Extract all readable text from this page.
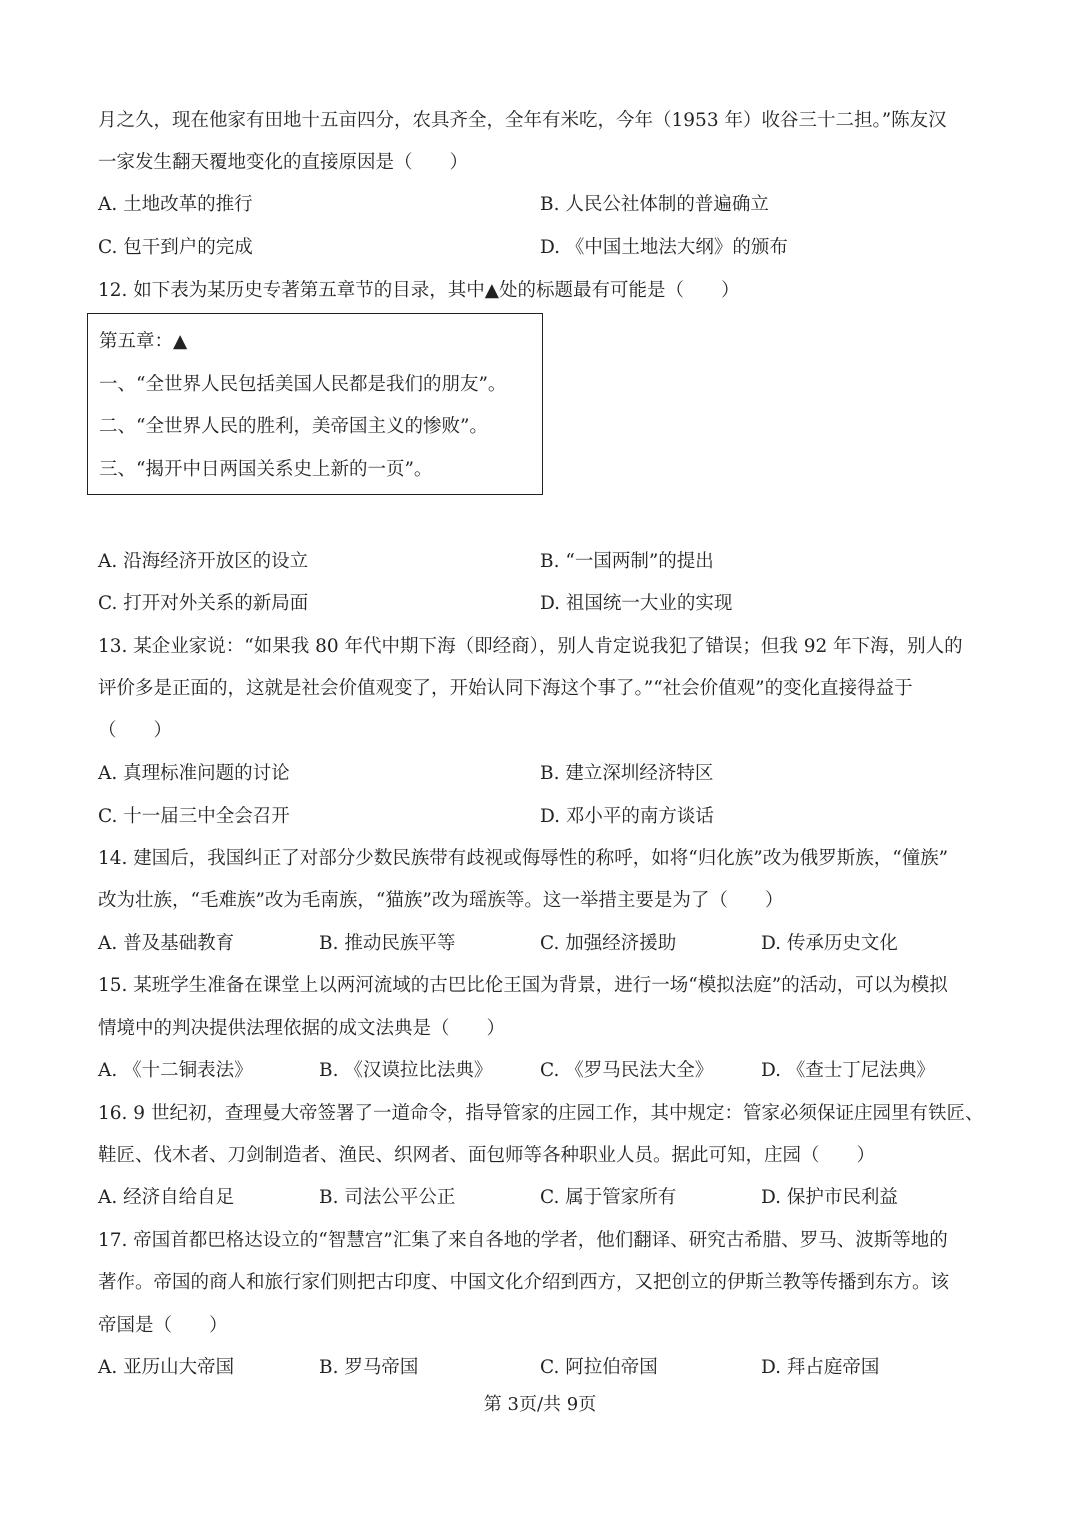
月之久，现在他家有田地十五亩四分，农具齐全，全年有米吃，今年（1953 年）收谷三十二担。”陈友汉
一家发生翻天覆地变化的直接原因是（　　）
A. 土地改革的推行	B. 人民公社体制的普遍确立
C. 包干到户的完成	D. 《中国土地法大纲》的颁布
12. 如下表为某历史专著第五章节的目录，其中▲处的标题最有可能是（　　）
第五章：▲
一、“全世界人民包括美国人民都是我们的朋友”。
二、“全世界人民的胜利，美帝国主义的惨败”。
三、“揭开中日两国关系史上新的一页”。
A. 沿海经济开放区的设立	B. “一国两制”的提出
C. 打开对外关系的新局面	D. 祖国统一大业的实现
13. 某企业家说：“如果我 80 年代中期下海（即经商），别人肯定说我犯了错误；但我 92 年下海，别人的
评价多是正面的，这就是社会价值观变了，开始认同下海这个事了。”“社会价值观”的变化直接得益于
（　　）
A. 真理标准问题的讨论	B. 建立深圳经济特区
C. 十一届三中全会召开	D. 邓小平的南方谈话
14. 建国后，我国纠正了对部分少数民族带有歧视或侮辱性的称呼，如将“归化族”改为俄罗斯族，“僮族”
改为壮族，“毛难族”改为毛南族，“猫族”改为瑶族等。这一举措主要是为了（　　）
A. 普及基础教育	B. 推动民族平等	C. 加强经济援助	D. 传承历史文化
15. 某班学生准备在课堂上以两河流域的古巴比伦王国为背景，进行一场“模拟法庭”的活动，可以为模拟
情境中的判决提供法理依据的成文法典是（　　）
A. 《十二铜表法》	B. 《汉谟拉比法典》	C. 《罗马民法大全》	D. 《查士丁尼法典》
16. 9 世纪初，查理曼大帝签署了一道命令，指导管家的庄园工作，其中规定：管家必须保证庄园里有铁匠、
鞋匠、伐木者、刀剑制造者、渔民、织网者、面包师等各种职业人员。据此可知，庄园（　　）
A. 经济自给自足	B. 司法公平公正	C. 属于管家所有	D. 保护市民利益
17. 帝国首都巴格达设立的“智慧宫”汇集了来自各地的学者，他们翻译、研究古希腊、罗马、波斯等地的
著作。帝国的商人和旅行家们则把古印度、中国文化介绍到西方，又把创立的伊斯兰教等传播到东方。该
帝国是（　　）
A. 亚历山大帝国	B. 罗马帝国	C. 阿拉伯帝国	D. 拜占庭帝国
第 3页/共 9页
